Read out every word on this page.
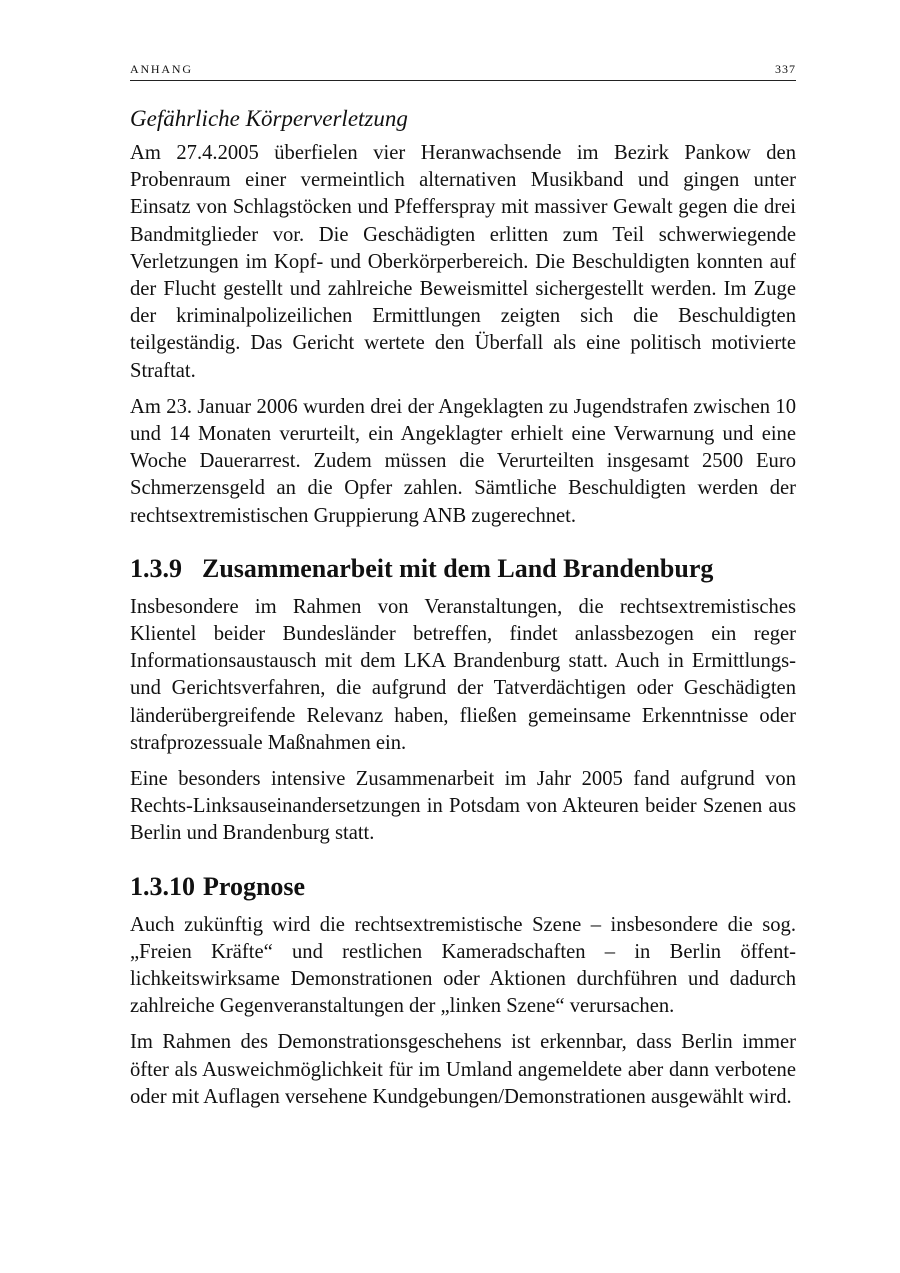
ANHANG	337
Gefährliche Körperverletzung

Am 27.4.2005 überfielen vier Heranwachsende im Bezirk Pankow den Probenraum einer vermeintlich alternativen Musikband und gingen unter Einsatz von Schlagstöcken und Pfefferspray mit massiver Gewalt gegen die drei Bandmitglieder vor. Die Geschädigten erlitten zum Teil schwerwiegende Verletzungen im Kopf- und Oberkörperbereich. Die Beschuldigten konnten auf der Flucht gestellt und zahlreiche Beweismittel sichergestellt werden. Im Zuge der kriminalpolizeilichen Ermittlungen zeigten sich die Beschuldigten teilgeständig. Das Gericht wertete den Überfall als eine politisch motivierte Straftat.

Am 23. Januar 2006 wurden drei der Angeklagten zu Jugendstrafen zwischen 10 und 14 Monaten verurteilt, ein Angeklagter erhielt eine Verwarnung und eine Woche Dauerarrest. Zudem müssen die Verurteilten insgesamt 2500 Euro Schmerzensgeld an die Opfer zahlen. Sämtliche Beschuldigten werden der rechtsextremistischen Gruppierung ANB zugerechnet.

1.3.9 Zusammenarbeit mit dem Land Brandenburg

Insbesondere im Rahmen von Veranstaltungen, die rechtsextremistisches Klientel beider Bundesländer betreffen, findet anlassbezogen ein reger Informationsaustausch mit dem LKA Brandenburg statt. Auch in Ermittlungs- und Gerichtsverfahren, die aufgrund der Tatverdächtigen oder Geschädigten länderübergreifende Relevanz haben, fließen gemeinsame Erkenntnisse oder strafprozessuale Maßnahmen ein.

Eine besonders intensive Zusammenarbeit im Jahr 2005 fand aufgrund von Rechts-Linksauseinandersetzungen in Potsdam von Akteuren beider Szenen aus Berlin und Brandenburg statt.

1.3.10 Prognose

Auch zukünftig wird die rechtsextremistische Szene – insbesondere die sog. „Freien Kräfte“ und restlichen Kameradschaften – in Berlin öffentlichkeitswirksame Demonstrationen oder Aktionen durchführen und dadurch zahlreiche Gegenveranstaltungen der „linken Szene“ verursachen.

Im Rahmen des Demonstrationsgeschehens ist erkennbar, dass Berlin immer öfter als Ausweichmöglichkeit für im Umland angemeldete aber dann verbotene oder mit Auflagen versehene Kundgebungen/Demonstrationen ausgewählt wird.
